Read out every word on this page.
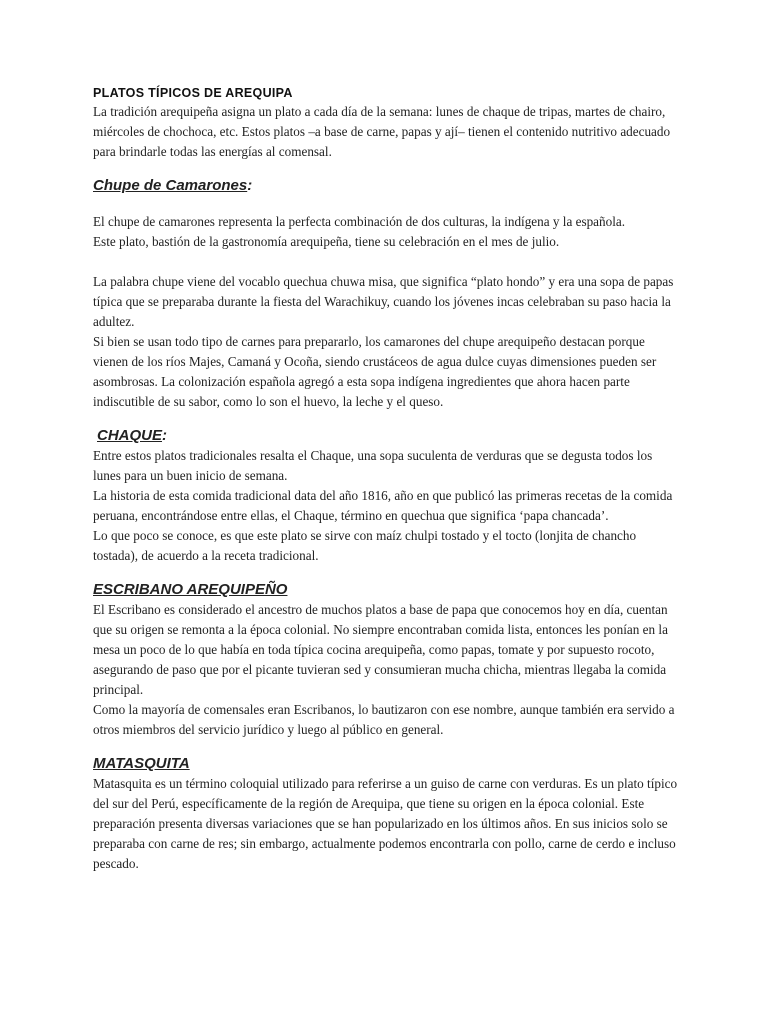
PLATOS TÍPICOS DE AREQUIPA

La tradición arequipeña asigna un plato a cada día de la semana: lunes de chaque de tripas, martes de chairo, miércoles de chochoca, etc. Estos platos –a base de carne, papas y ají– tienen el contenido nutritivo adecuado para brindarle todas las energías al comensal.

Chupe de Camarones:

El chupe de camarones representa la perfecta combinación de dos culturas, la indígena y la española.

Este plato, bastión de la gastronomía arequipeña, tiene su celebración en el mes de julio.

La palabra chupe viene del vocablo quechua chuwa misa, que significa “plato hondo” y era una sopa de papas típica que se preparaba durante la fiesta del Warachikuy, cuando los jóvenes incas celebraban su paso hacia la adultez.

Si bien se usan todo tipo de carnes para prepararlo, los camarones del chupe arequipeño destacan porque vienen de los ríos Majes, Camaná y Ocoña, siendo crustáceos de agua dulce cuyas dimensiones pueden ser asombrosas. La colonización española agregó a esta sopa indígena ingredientes que ahora hacen parte indiscutible de su sabor, como lo son el huevo, la leche y el queso.

CHAQUE:

Entre estos platos tradicionales resalta el Chaque, una sopa suculenta de verduras que se degusta todos los lunes para un buen inicio de semana.

La historia de esta comida tradicional data del año 1816, año en que publicó las primeras recetas de la comida peruana, encontrándose entre ellas, el Chaque, término en quechua que significa ‘papa chancada’.

Lo que poco se conoce, es que este plato se sirve con maíz chulpi tostado y el tocto (lonjita de chancho tostada), de acuerdo a la receta tradicional.

ESCRIBANO AREQUIPEÑO

El Escribano es considerado el ancestro de muchos platos a base de papa que conocemos hoy en día, cuentan que su origen se remonta a la época colonial. No siempre encontraban comida lista, entonces les ponían en la mesa un poco de lo que había en toda típica cocina arequipeña, como papas, tomate y por supuesto rocoto, asegurando de paso que por el picante tuvieran sed y consumieran mucha chicha, mientras llegaba la comida principal.

Como la mayoría de comensales eran Escribanos, lo bautizaron con ese nombre, aunque también era servido a otros miembros del servicio jurídico y luego al público en general.

MATASQUITA

Matasquita es un término coloquial utilizado para referirse a un guiso de carne con verduras. Es un plato típico del sur del Perú, específicamente de la región de Arequipa, que tiene su origen en la época colonial. Este preparación presenta diversas variaciones que se han popularizado en los últimos años. En sus inicios solo se preparaba con carne de res; sin embargo, actualmente podemos encontrarla con pollo, carne de cerdo e incluso pescado.
